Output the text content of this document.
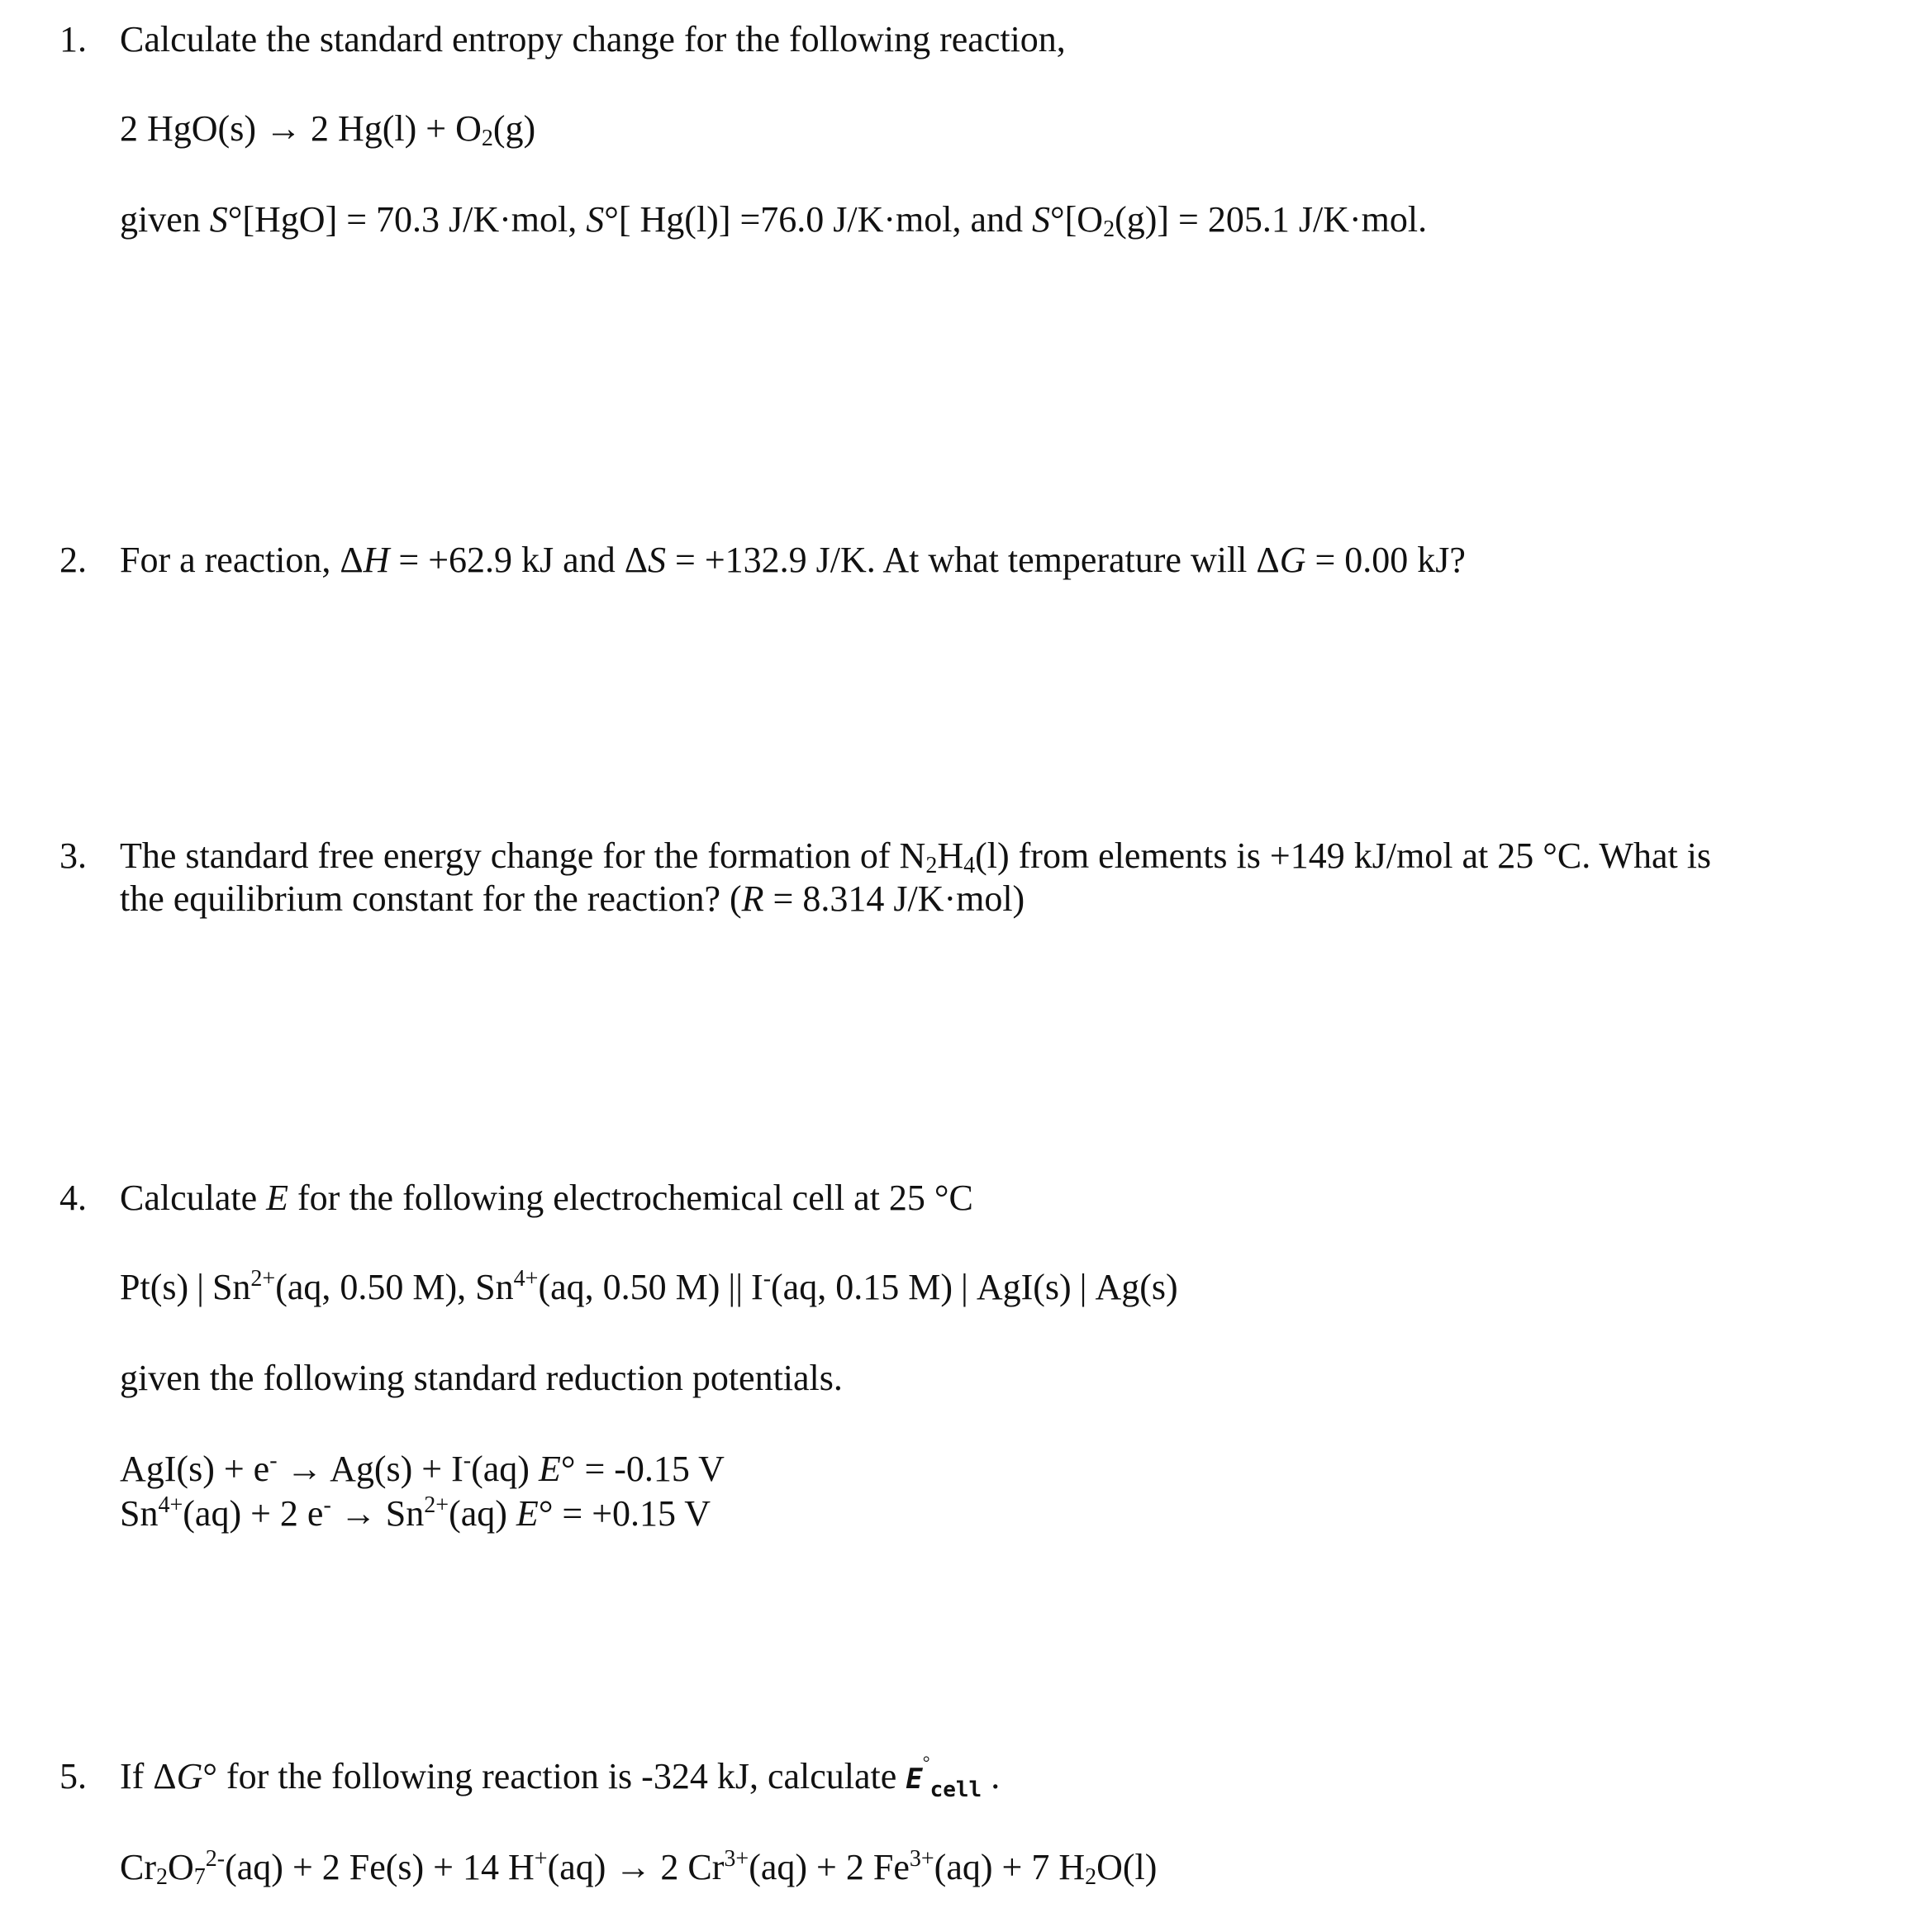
1. Calculate the standard entropy change for the following reaction,
2 HgO(s) → 2 $Hg(l) + O_2(g)$
given S°[HgO] = 70.3 J/K·mol, S°[ Hg(l)] =76.0 J/K·mol, and $S^\circ[O_2(g)] = 205.1$ J/K·mol.
2. For a reaction, ΔH = +62.9 kJ and ΔS = +132.9 J/K. At what temperature will ΔG = 0.00 kJ?
3. The standard free energy change for the formation of $N_2H_4(l)$ from elements is +149 kJ/mol at 25 °C. What is
the equilibrium constant for the reaction? (R = 8.314 J/K·mol)
4. Calculate E for the following electrochemical cell at 25 °C
Pt(s) | $Sn^{2+}(aq$, 0.50 M), $Sn^{4+}(aq$, 0.50 M) || I-(aq, 0.15 M) | AgI(s) | Ag(s)
given the following standard reduction potentials.
AgI(s) + e- → Ag(s) + I-(aq) E° = -0.15 V
$Sn^{4+}(aq) + 2$ $e^- \to Sn^{2+}(aq) E^\circ = +0.15$ V
5. If ΔG° for the following reaction is -324 kJ, calculate $E^\circ_{cell}$ .
$Cr_2O_7^{2-}(aq) + 2$ Fe(s) + 14 H+(aq) → 2 $Cr^{3+}(aq) + 2$ $Fe^{3+}(aq) + 7$ $H_2O(l)$
